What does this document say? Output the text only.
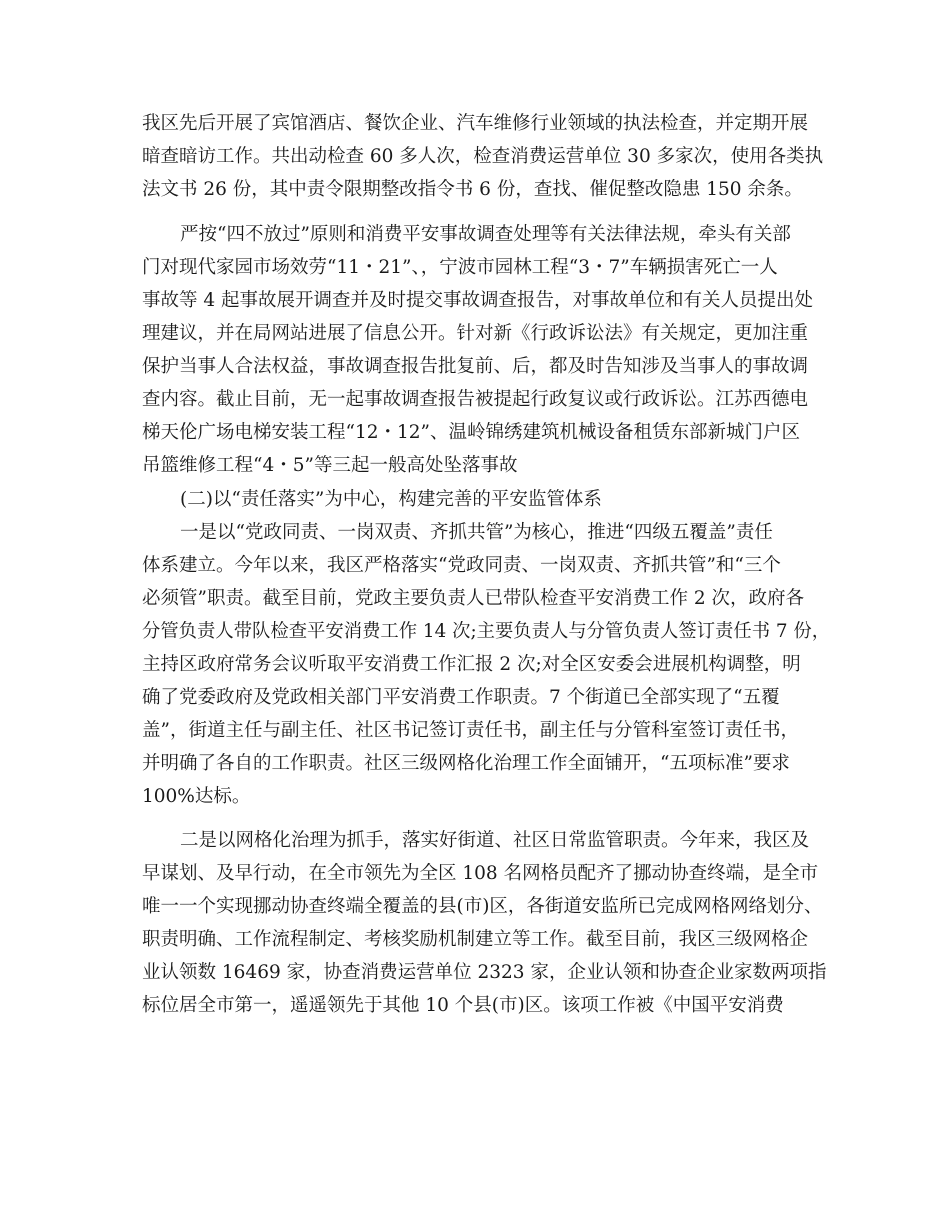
我区先后开展了宾馆酒店、餐饮企业、汽车维修行业领域的执法检查，并定期开展
暗查暗访工作。共出动检查 60 多人次，检查消费运营单位 30 多家次，使用各类执
法文书 26 份，其中责令限期整改指令书 6 份，查找、催促整改隐患 150 余条。
严按“四不放过”原则和消费平安事故调查处理等有关法律法规，牵头有关部
门对现代家园市场效劳“11・21”、，宁波市园林工程“3・7”车辆损害死亡一人
事故等 4 起事故展开调查并及时提交事故调查报告，对事故单位和有关人员提出处
理建议，并在局网站进展了信息公开。针对新《行政诉讼法》有关规定，更加注重
保护当事人合法权益，事故调查报告批复前、后，都及时告知涉及当事人的事故调
查内容。截止目前，无一起事故调查报告被提起行政复议或行政诉讼。江苏西德电
梯天伦广场电梯安装工程“12・12”、温岭锦绣建筑机械设备租赁东部新城门户区
吊篮维修工程“4・5”等三起一般高处坠落事故
(二)以“责任落实”为中心，构建完善的平安监管体系
一是以“党政同责、一岗双责、齐抓共管”为核心，推进“四级五覆盖”责任
体系建立。今年以来，我区严格落实“党政同责、一岗双责、齐抓共管”和“三个
必须管”职责。截至目前，党政主要负责人已带队检查平安消费工作 2 次，政府各
分管负责人带队检查平安消费工作 14 次;主要负责人与分管负责人签订责任书 7 份，
主持区政府常务会议听取平安消费工作汇报 2 次;对全区安委会进展机构调整，明
确了党委政府及党政相关部门平安消费工作职责。7 个街道已全部实现了“五覆
盖”，街道主任与副主任、社区书记签订责任书，副主任与分管科室签订责任书，
并明确了各自的工作职责。社区三级网格化治理工作全面铺开，“五项标准”要求
100%达标。
二是以网格化治理为抓手，落实好街道、社区日常监管职责。今年来，我区及
早谋划、及早行动，在全市领先为全区 108 名网格员配齐了挪动协查终端，是全市
唯一一个实现挪动协查终端全覆盖的县(市)区，各街道安监所已完成网格网络划分、
职责明确、工作流程制定、考核奖励机制建立等工作。截至目前，我区三级网格企
业认领数 16469 家，协查消费运营单位 2323 家，企业认领和协查企业家数两项指
标位居全市第一，遥遥领先于其他 10 个县(市)区。该项工作被《中国平安消费
